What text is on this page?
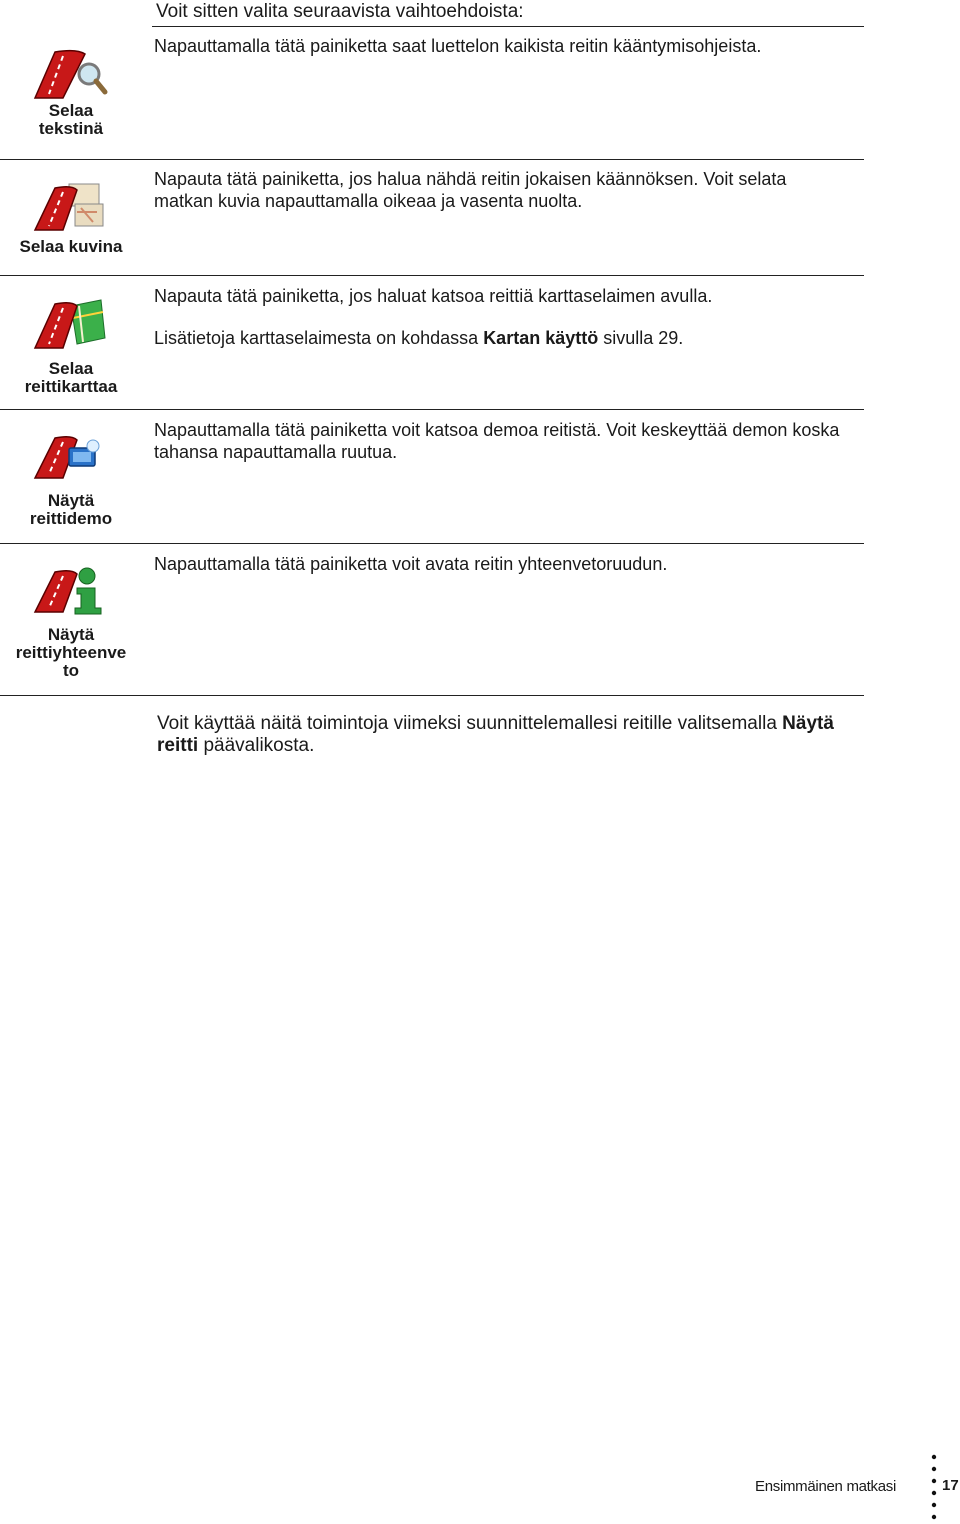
Voit sitten valita seuraavista vaihtoehdoista:
Selaa
tekstinä
Napauttamalla tätä painiketta saat luettelon kaikista reitin kääntymisohjeista.
Selaa kuvina
Napauta tätä painiketta, jos halua nähdä reitin jokaisen käännöksen. Voit selata matkan kuvia napauttamalla oikeaa ja vasenta nuolta.
Selaa
reittikarttaa
Napauta tätä painiketta, jos haluat katsoa reittiä karttaselaimen avulla.
Lisätietoja karttaselaimesta on kohdassa Kartan käyttö sivulla 29.
Näytä
reittidemo
Napauttamalla tätä painiketta voit katsoa demoa reitistä. Voit keskeyttää demon koska tahansa napauttamalla ruutua.
Näytä
reittiyhteenve
to
Napauttamalla tätä painiketta voit avata reitin yhteenvetoruudun.
Voit käyttää näitä toimintoja viimeksi suunnittelemallesi reitille valitsemalla Näytä reitti päävalikosta.
Ensimmäinen matkasi	17
